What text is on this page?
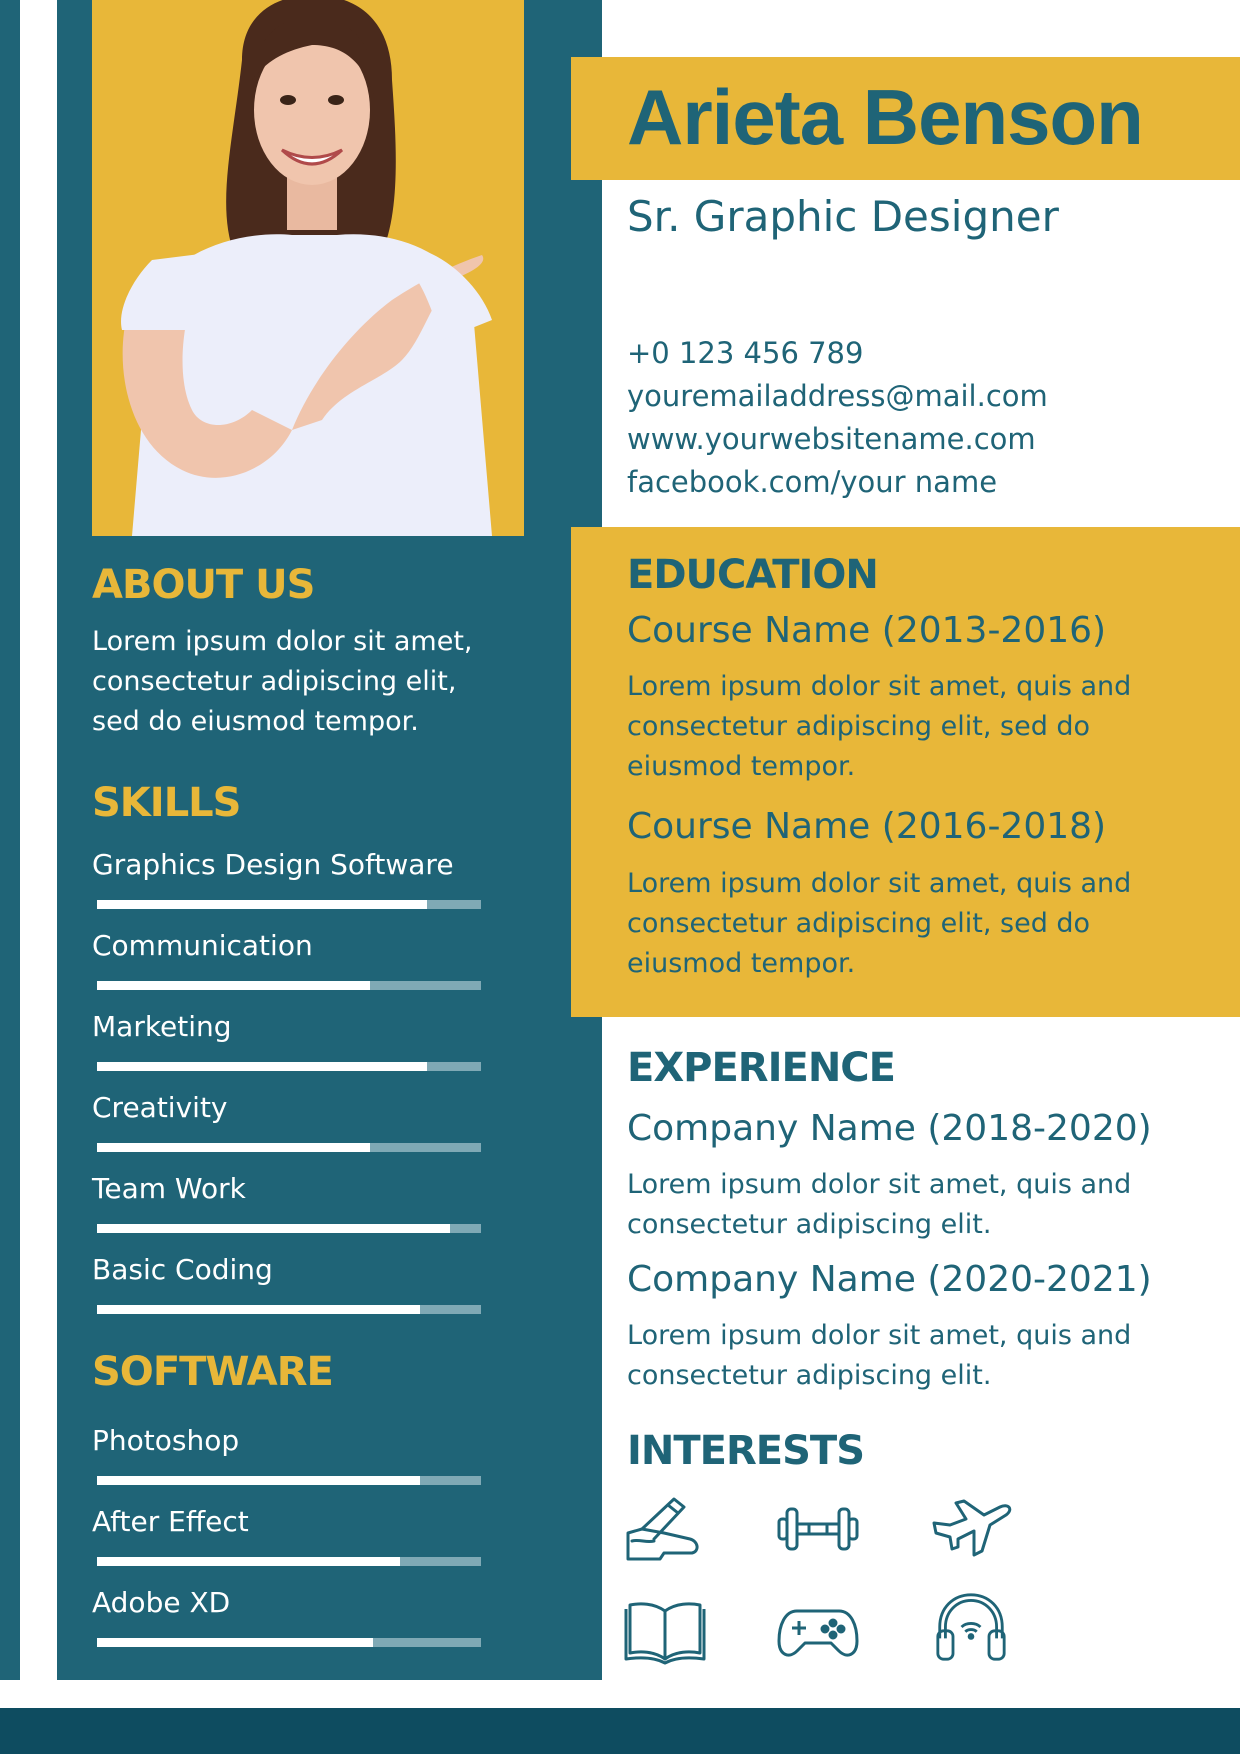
ABOUT US
Lorem ipsum dolor sit amet,
consectetur adipiscing elit,
sed do eiusmod tempor.
SKILLS
Graphics Design Software
Communication
Marketing
Creativity
Team Work
Basic Coding
SOFTWARE
Photoshop
After Effect
Adobe XD
Arieta Benson
Sr. Graphic Designer
+0 123 456 789
youremailaddress@mail.com
www.yourwebsitename.com
facebook.com/your name
EDUCATION
Course Name (2013-2016)
Lorem ipsum dolor sit amet, quis and
consectetur adipiscing elit, sed do
eiusmod tempor.
Course Name (2016-2018)
Lorem ipsum dolor sit amet, quis and
consectetur adipiscing elit, sed do
eiusmod tempor.
EXPERIENCE
Company Name (2018-2020)
Lorem ipsum dolor sit amet, quis and
consectetur adipiscing elit.
Company Name (2020-2021)
Lorem ipsum dolor sit amet, quis and
consectetur adipiscing elit.
INTERESTS
